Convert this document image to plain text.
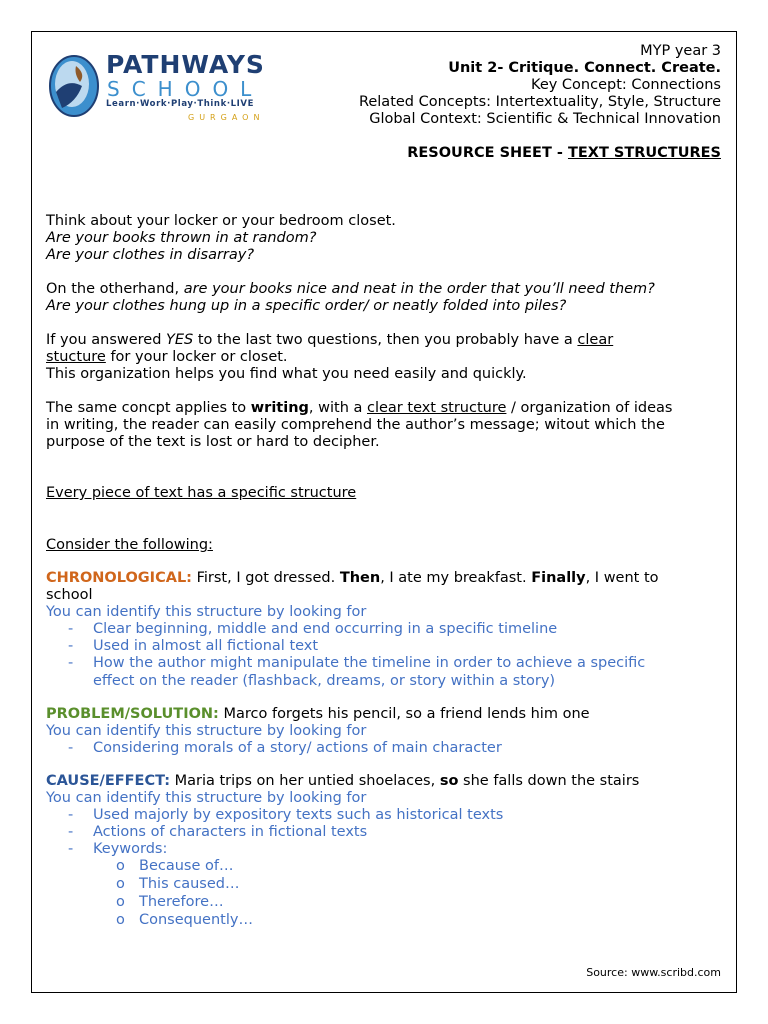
PATHWAYS
SCHOOL
Learn·Work·Play·Think·LIVE
GURGAON
MYP year 3
Unit 2- Critique. Connect. Create.
Key Concept: Connections
Related Concepts: Intertextuality, Style, Structure
Global Context: Scientific & Technical Innovation
RESOURCE SHEET - TEXT STRUCTURES
Think about your locker or your bedroom closet.
Are your books thrown in at random?
Are your clothes in disarray?
On the otherhand, are your books nice and neat in the order that you’ll need them?
Are your clothes hung up in a specific order/ or neatly folded into piles?
If you answered YES to the last two questions, then you probably have a clear
stucture for your locker or closet.
This organization helps you find what you need easily and quickly.
The same concpt applies to writing, with a clear text structure / organization of ideas
in writing, the reader can easily comprehend the author’s message; witout which the
purpose of the text is lost or hard to decipher.
Every piece of text has a specific structure
Consider the following:
CHRONOLOGICAL: First, I got dressed. Then, I ate my breakfast. Finally, I went to
school
You can identify this structure by looking for
- Clear beginning, middle and end occurring in a specific timeline
- Used in almost all fictional text
- How the author might manipulate the timeline in order to achieve a specific
effect on the reader (flashback, dreams, or story within a story)
PROBLEM/SOLUTION: Marco forgets his pencil, so a friend lends him one
You can identify this structure by looking for
- Considering morals of a story/ actions of main character
CAUSE/EFFECT: Maria trips on her untied shoelaces, so she falls down the stairs
You can identify this structure by looking for
- Used majorly by expository texts such as historical texts
- Actions of characters in fictional texts
- Keywords:
o Because of…
o This caused…
o Therefore…
o Consequently…
Source: www.scribd.com
